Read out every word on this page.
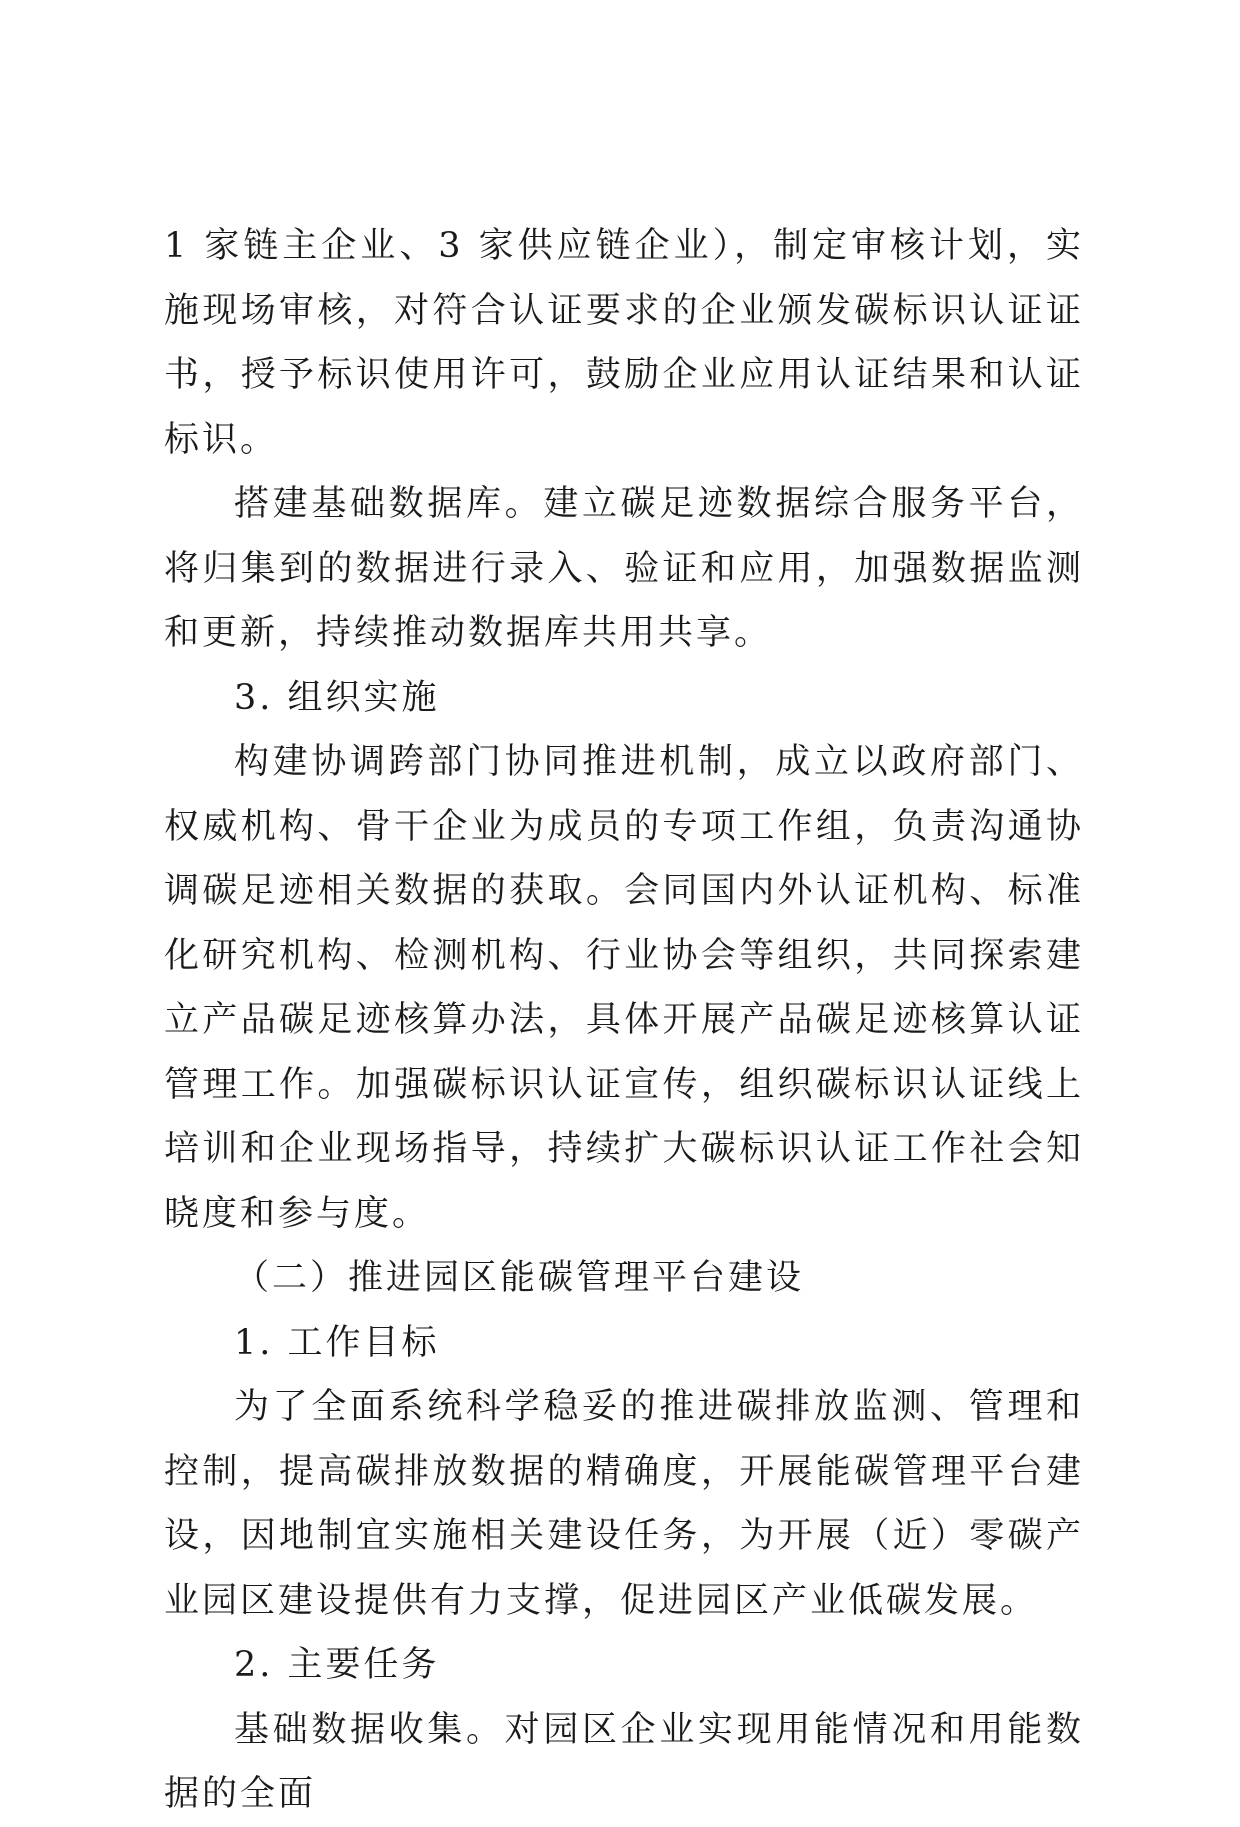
1 家链主企业、3 家供应链企业），制定审核计划，实施现场审核，对符合认证要求的企业颁发碳标识认证证书，授予标识使用许可，鼓励企业应用认证结果和认证标识。

搭建基础数据库。建立碳足迹数据综合服务平台，将归集到的数据进行录入、验证和应用，加强数据监测和更新，持续推动数据库共用共享。

3. 组织实施

构建协调跨部门协同推进机制，成立以政府部门、权威机构、骨干企业为成员的专项工作组，负责沟通协调碳足迹相关数据的获取。会同国内外认证机构、标准化研究机构、检测机构、行业协会等组织，共同探索建立产品碳足迹核算办法，具体开展产品碳足迹核算认证管理工作。加强碳标识认证宣传，组织碳标识认证线上培训和企业现场指导，持续扩大碳标识认证工作社会知晓度和参与度。

（二）推进园区能碳管理平台建设

1. 工作目标

为了全面系统科学稳妥的推进碳排放监测、管理和控制，提高碳排放数据的精确度，开展能碳管理平台建设，因地制宜实施相关建设任务，为开展（近）零碳产业园区建设提供有力支撑，促进园区产业低碳发展。

2. 主要任务

基础数据收集。对园区企业实现用能情况和用能数据的全面
